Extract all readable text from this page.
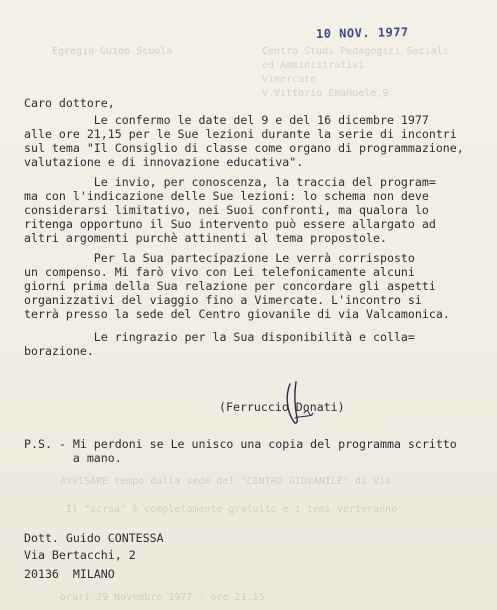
Egregio Guido Scuola	Centro Studi Pedagogici Sociali
ed Amministrativi
Vimercate
V.Vittorio Emanuele,9
AVVISARE tempo dalla sede del "CENTRO GIOVANILE" di Via
Il "scrsa" è completamente gratuito e i temi verteranno
orari 29 Novembre 1977 - ore 21.15
10 NOV. 1977
Caro dottore,
Le confermo le date del 9 e del 16 dicembre 1977
alle ore 21,15 per le Sue lezioni durante la serie di incontri
sul tema "Il Consiglio di classe come organo di programmazione,
valutazione e di innovazione educativa".
Le invio, per conoscenza, la traccia del program=
ma con l'indicazione delle Sue lezioni: lo schema non deve
considerarsi limitativo, nei Suoi confronti, ma qualora lo
ritenga opportuno il Suo intervento può essere allargato ad
altri argomenti purchè attinenti al tema propostole.
Per la Sua partecipazione Le verrà corrisposto
un compenso. Mi farò vivo con Lei telefonicamente alcuni
giorni prima della Sua relazione per concordare gli aspetti
organizzativi del viaggio fino a Vimercate. L'incontro si
terrà presso la sede del Centro giovanile di via Valcamonica.
Le ringrazio per la Sua disponibilità e colla=
borazione.
(Ferruccio Donati)
P.S. - Mi perdoni se Le unisco una copia del programma scritto
a mano.
Dott. Guido CONTESSA
Via Bertacchi, 2
20136  MILANO
